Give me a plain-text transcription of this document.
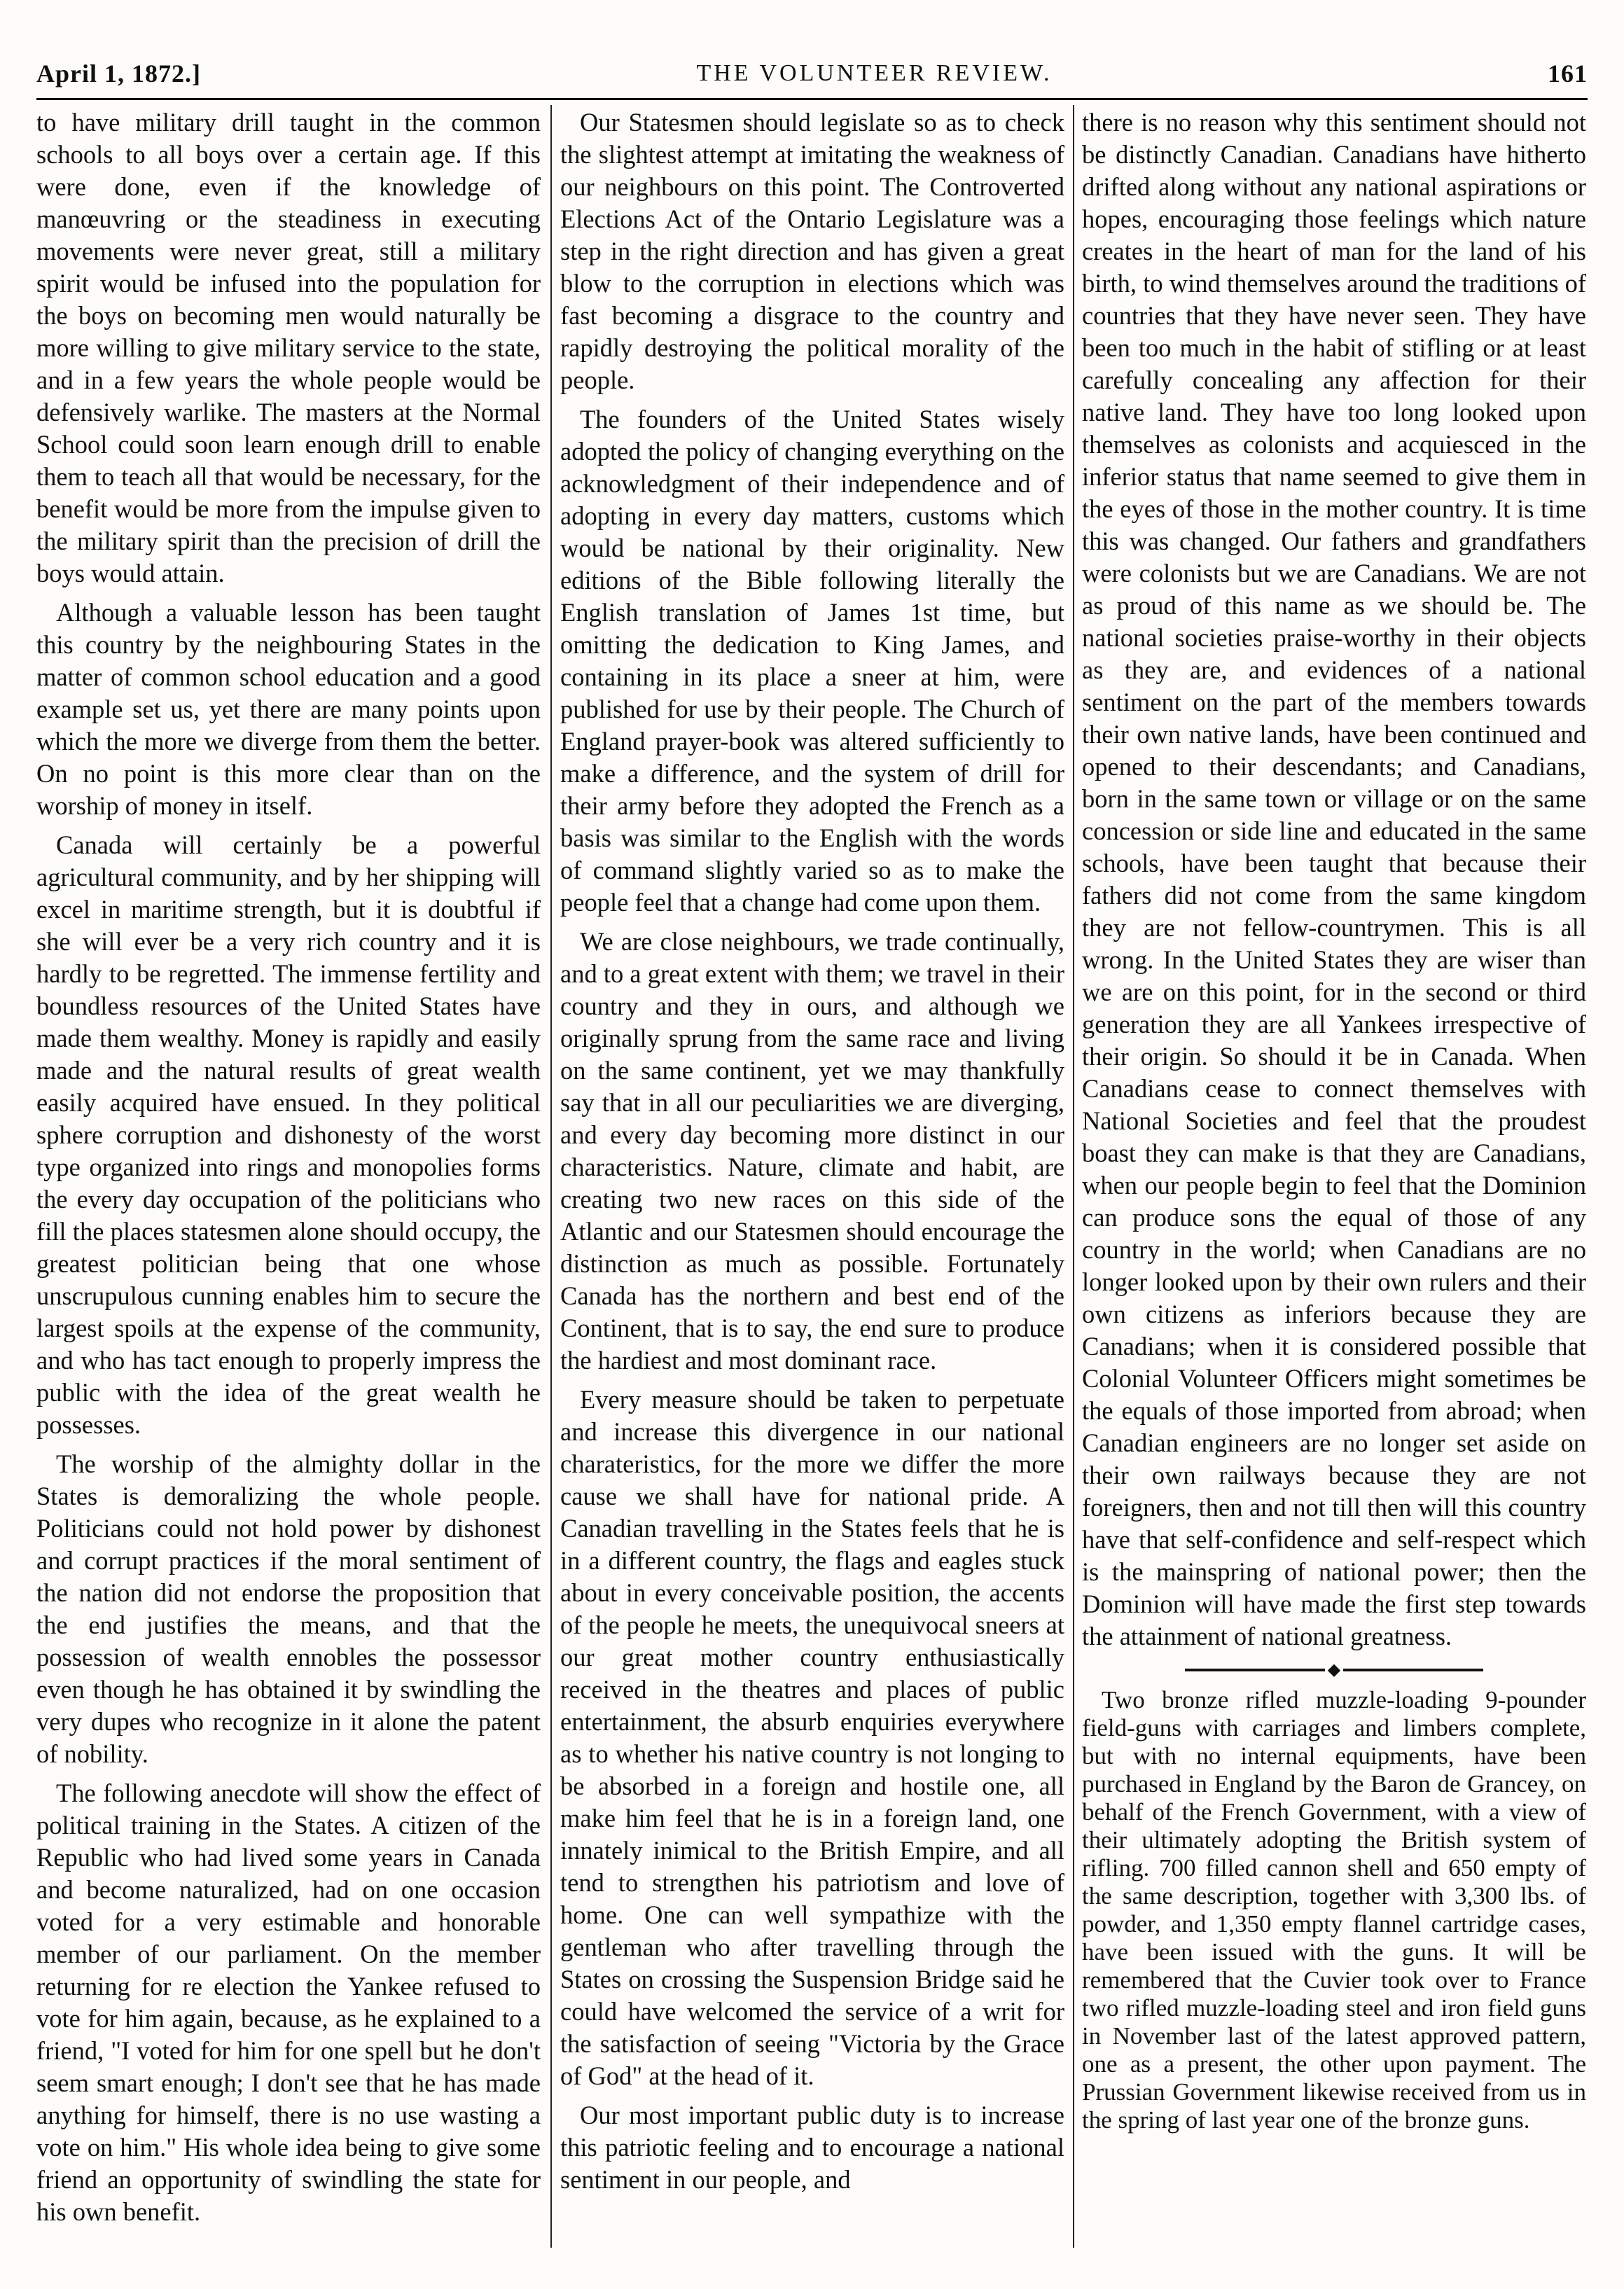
April 1, 1872.]	THE VOLUNTEER REVIEW.	161

to have military drill taught in the common schools to all boys over a certain age. If this were done, even if the knowledge of manœuvring or the steadiness in executing movements were never great, still a military spirit would be infused into the population for the boys on becoming men would naturally be more willing to give military service to the state, and in a few years the whole people would be defensively warlike. The masters at the Normal School could soon learn enough drill to enable them to teach all that would be necessary, for the benefit would be more from the impulse given to the military spirit than the precision of drill the boys would attain.

Although a valuable lesson has been taught this country by the neighbouring States in the matter of common school education and a good example set us, yet there are many points upon which the more we diverge from them the better. On no point is this more clear than on the worship of money in itself.

Canada will certainly be a powerful agricultural community, and by her shipping will excel in maritime strength, but it is doubtful if she will ever be a very rich country and it is hardly to be regretted. The immense fertility and boundless resources of the United States have made them wealthy. Money is rapidly and easily made and the natural results of great wealth easily acquired have ensued. In they political sphere corruption and dishonesty of the worst type organized into rings and monopolies forms the every day occupation of the politicians who fill the places statesmen alone should occupy, the greatest politician being that one whose unscrupulous cunning enables him to secure the largest spoils at the expense of the community, and who has tact enough to properly impress the public with the idea of the great wealth he possesses.

The worship of the almighty dollar in the States is demoralizing the whole people. Politicians could not hold power by dishonest and corrupt practices if the moral sentiment of the nation did not endorse the proposition that the end justifies the means, and that the possession of wealth ennobles the possessor even though he has obtained it by swindling the very dupes who recognize in it alone the patent of nobility.

The following anecdote will show the effect of political training in the States. A citizen of the Republic who had lived some years in Canada and become naturalized, had on one occasion voted for a very estimable and honorable member of our parliament. On the member returning for re election the Yankee refused to vote for him again, because, as he explained to a friend, "I voted for him for one spell but he don't seem smart enough; I don't see that he has made anything for himself, there is no use wasting a vote on him." His whole idea being to give some friend an opportunity of swindling the state for his own benefit.

Our Statesmen should legislate so as to check the slightest attempt at imitating the weakness of our neighbours on this point. The Controverted Elections Act of the Ontario Legislature was a step in the right direction and has given a great blow to the corruption in elections which was fast becoming a disgrace to the country and rapidly destroying the political morality of the people.

The founders of the United States wisely adopted the policy of changing everything on the acknowledgment of their independence and of adopting in every day matters, customs which would be national by their originality. New editions of the Bible following literally the English translation of James 1st time, but omitting the dedication to King James, and containing in its place a sneer at him, were published for use by their people. The Church of England prayer-book was altered sufficiently to make a difference, and the system of drill for their army before they adopted the French as a basis was similar to the English with the words of command slightly varied so as to make the people feel that a change had come upon them.

We are close neighbours, we trade continually, and to a great extent with them; we travel in their country and they in ours, and although we originally sprung from the same race and living on the same continent, yet we may thankfully say that in all our peculiarities we are diverging, and every day becoming more distinct in our characteristics. Nature, climate and habit, are creating two new races on this side of the Atlantic and our Statesmen should encourage the distinction as much as possible. Fortunately Canada has the northern and best end of the Continent, that is to say, the end sure to produce the hardiest and most dominant race.

Every measure should be taken to perpetuate and increase this divergence in our national charateristics, for the more we differ the more cause we shall have for national pride. A Canadian travelling in the States feels that he is in a different country, the flags and eagles stuck about in every conceivable position, the accents of the people he meets, the unequivocal sneers at our great mother country enthusiastically received in the theatres and places of public entertainment, the absurb enquiries everywhere as to whether his native country is not longing to be absorbed in a foreign and hostile one, all make him feel that he is in a foreign land, one innately inimical to the British Empire, and all tend to strengthen his patriotism and love of home. One can well sympathize with the gentleman who after travelling through the States on crossing the Suspension Bridge said he could have welcomed the service of a writ for the satisfaction of seeing "Victoria by the Grace of God" at the head of it.

Our most important public duty is to increase this patriotic feeling and to encourage a national sentiment in our people, and

there is no reason why this sentiment should not be distinctly Canadian. Canadians have hitherto drifted along without any national aspirations or hopes, encouraging those feelings which nature creates in the heart of man for the land of his birth, to wind themselves around the traditions of countries that they have never seen. They have been too much in the habit of stifling or at least carefully concealing any affection for their native land. They have too long looked upon themselves as colonists and acquiesced in the inferior status that name seemed to give them in the eyes of those in the mother country. It is time this was changed. Our fathers and grandfathers were colonists but we are Canadians. We are not as proud of this name as we should be. The national societies praise-worthy in their objects as they are, and evidences of a national sentiment on the part of the members towards their own native lands, have been continued and opened to their descendants; and Canadians, born in the same town or village or on the same concession or side line and educated in the same schools, have been taught that because their fathers did not come from the same kingdom they are not fellow-countrymen. This is all wrong. In the United States they are wiser than we are on this point, for in the second or third generation they are all Yankees irrespective of their origin. So should it be in Canada. When Canadians cease to connect themselves with National Societies and feel that the proudest boast they can make is that they are Canadians, when our people begin to feel that the Dominion can produce sons the equal of those of any country in the world; when Canadians are no longer looked upon by their own rulers and their own citizens as inferiors because they are Canadians; when it is considered possible that Colonial Volunteer Officers might sometimes be the equals of those imported from abroad; when Canadian engineers are no longer set aside on their own railways because they are not foreigners, then and not till then will this country have that self-confidence and self-respect which is the mainspring of national power; then the Dominion will have made the first step towards the attainment of national greatness.

◆

Two bronze rifled muzzle-loading 9-pounder field-guns with carriages and limbers complete, but with no internal equipments, have been purchased in England by the Baron de Grancey, on behalf of the French Government, with a view of their ultimately adopting the British system of rifling. 700 filled cannon shell and 650 empty of the same description, together with 3,300 lbs. of powder, and 1,350 empty flannel cartridge cases, have been issued with the guns. It will be remembered that the Cuvier took over to France two rifled muzzle-loading steel and iron field guns in November last of the latest approved pattern, one as a present, the other upon payment. The Prussian Government likewise received from us in the spring of last year one of the bronze guns.
